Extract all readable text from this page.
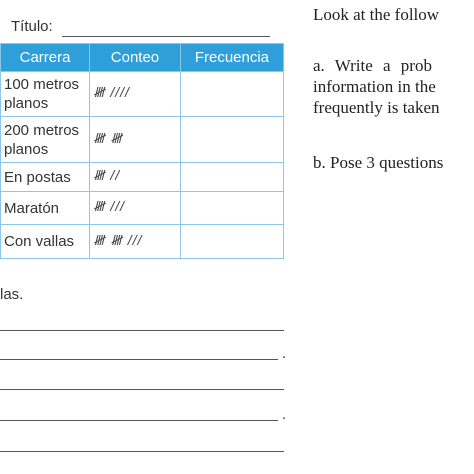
Título:
Carrera	Conteo	Frecuencia
100 metros planos	𝍸 ////	
200 metros planos	𝍸 𝍸	
En postas	𝍸 //	
Maratón	𝍸 ///	
Con vallas	𝍸 𝍸 ///	
las.
.
.
Look at the follow
a. Write a prob
information in the
frequently is taken
b. Pose 3 questions
